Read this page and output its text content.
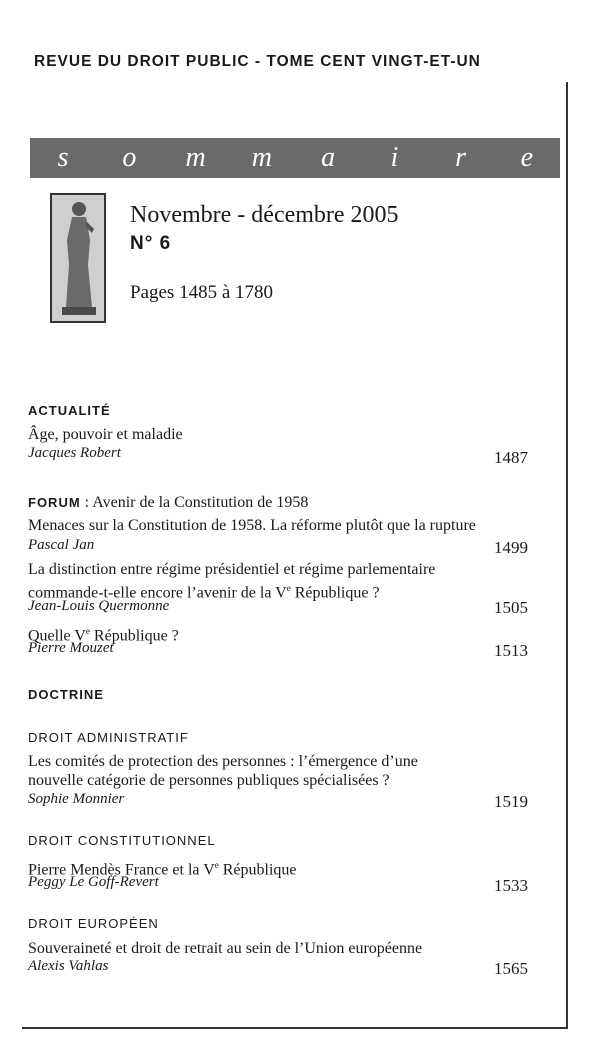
REVUE DU DROIT PUBLIC - TOME CENT VINGT-ET-UN
s	o	m	m	a	i	r	e
Novembre - décembre 2005
N° 6
Pages 1485 à 1780
ACTUALITÉ
Âge, pouvoir et maladie
Jacques Robert	1487
FORUM : Avenir de la Constitution de 1958
Menaces sur la Constitution de 1958. La réforme plutôt que la rupture
Pascal Jan	1499
La distinction entre régime présidentiel et régime parlementaire
commande-t-elle encore l’avenir de la Ve République ?
Jean-Louis Quermonne	1505
Quelle Ve République ?
Pierre Mouzet	1513
DOCTRINE
DROIT ADMINISTRATIF
Les comités de protection des personnes : l’émergence d’une
nouvelle catégorie de personnes publiques spécialisées ?
Sophie Monnier	1519
DROIT CONSTITUTIONNEL
Pierre Mendès France et la Ve République
Peggy Le Goff-Revert	1533
DROIT EUROPÉEN
Souveraineté et droit de retrait au sein de l’Union européenne
Alexis Vahlas	1565
